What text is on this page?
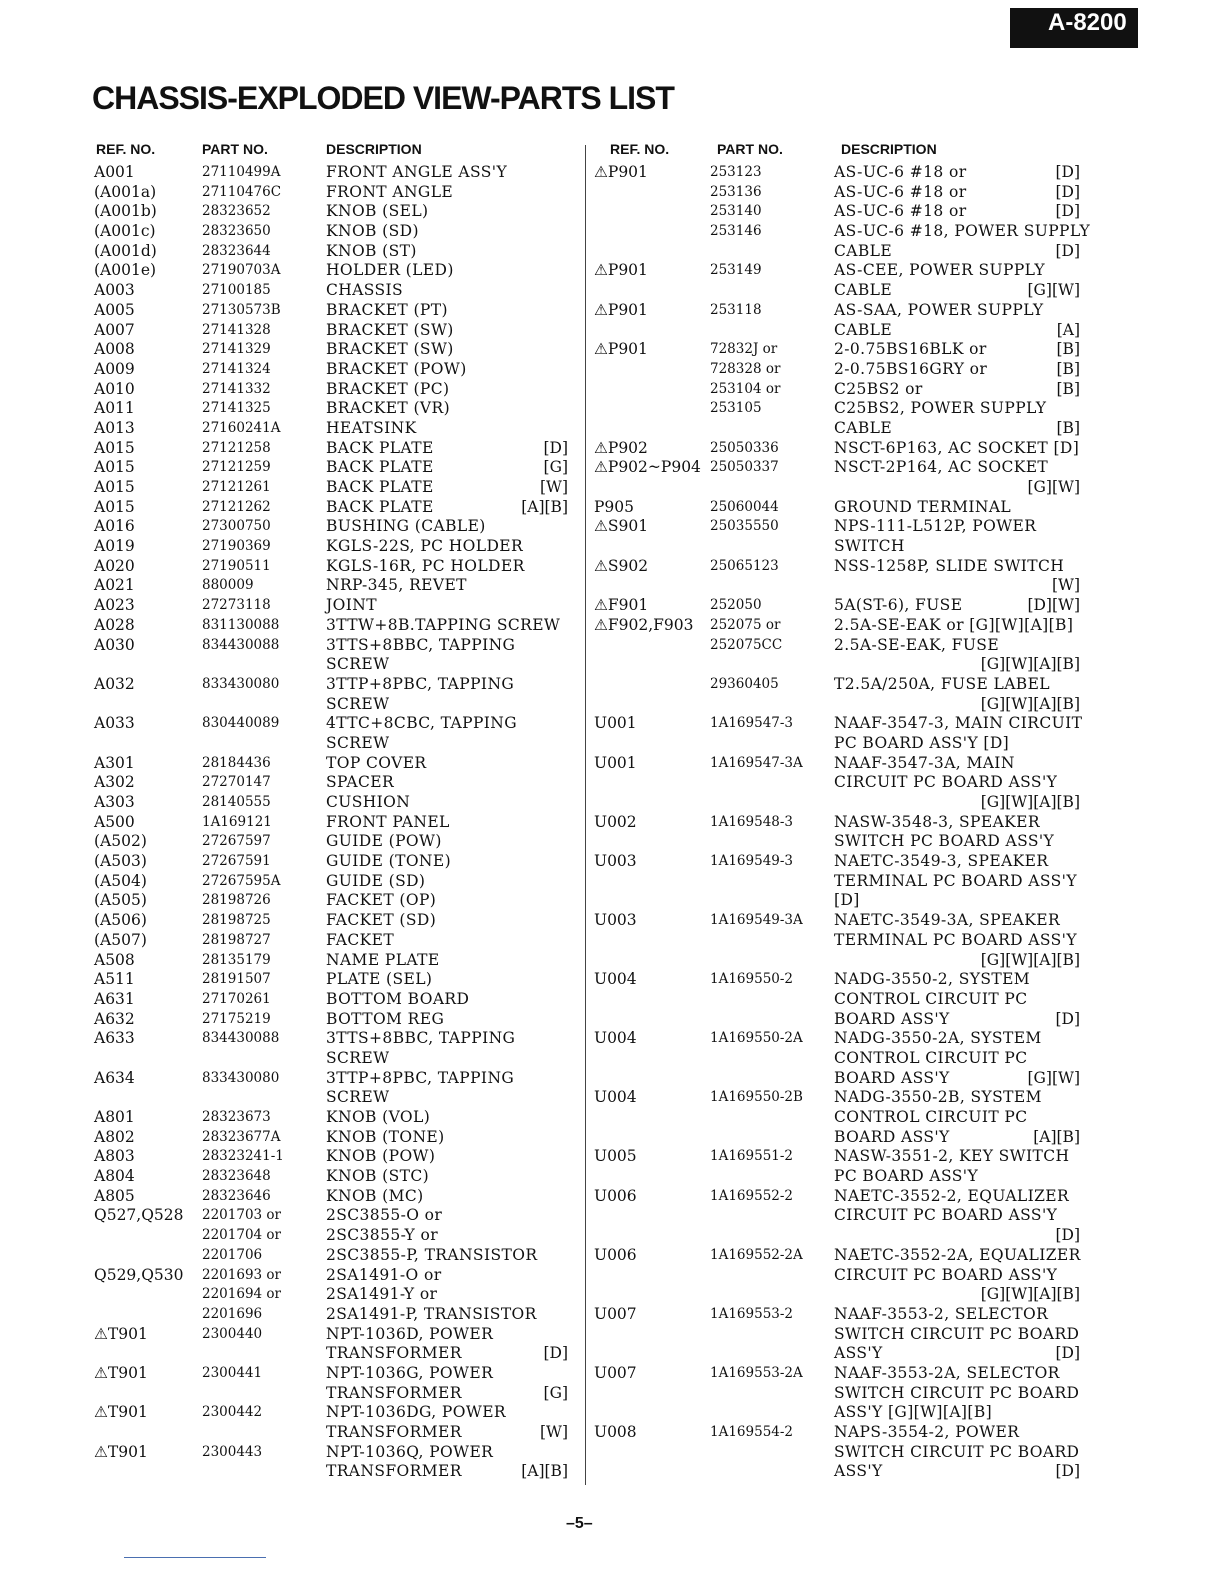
A-8200
CHASSIS-EXPLODED VIEW-PARTS LIST
REF. NO.	PART NO.	DESCRIPTION	REF. NO.	PART NO.	DESCRIPTION
A001	27110499A	FRONT ANGLE ASS'Y
(A001a)	27110476C	FRONT ANGLE
(A001b)	28323652	KNOB (SEL)
(A001c)	28323650	KNOB (SD)
(A001d)	28323644	KNOB (ST)
(A001e)	27190703A	HOLDER (LED)
A003	27100185	CHASSIS
A005	27130573B	BRACKET (PT)
A007	27141328	BRACKET (SW)
A008	27141329	BRACKET (SW)
A009	27141324	BRACKET (POW)
A010	27141332	BRACKET (PC)
A011	27141325	BRACKET (VR)
A013	27160241A	HEATSINK
A015	27121258	BACK PLATE	[D]
A015	27121259	BACK PLATE	[G]
A015	27121261	BACK PLATE	[W]
A015	27121262	BACK PLATE	[A][B]
A016	27300750	BUSHING (CABLE)
A019	27190369	KGLS-22S, PC HOLDER
A020	27190511	KGLS-16R, PC HOLDER
A021	880009	NRP-345, REVET
A023	27273118	JOINT
A028	831130088	3TTW+8B.TAPPING SCREW
A030	834430088	3TTS+8BBC, TAPPING
SCREW
A032	833430080	3TTP+8PBC, TAPPING
SCREW
A033	830440089	4TTC+8CBC, TAPPING
SCREW
A301	28184436	TOP COVER
A302	27270147	SPACER
A303	28140555	CUSHION
A500	1A169121	FRONT PANEL
(A502)	27267597	GUIDE (POW)
(A503)	27267591	GUIDE (TONE)
(A504)	27267595A	GUIDE (SD)
(A505)	28198726	FACKET (OP)
(A506)	28198725	FACKET (SD)
(A507)	28198727	FACKET
A508	28135179	NAME PLATE
A511	28191507	PLATE (SEL)
A631	27170261	BOTTOM BOARD
A632	27175219	BOTTOM REG
A633	834430088	3TTS+8BBC, TAPPING
SCREW
A634	833430080	3TTP+8PBC, TAPPING
SCREW
A801	28323673	KNOB (VOL)
A802	28323677A	KNOB (TONE)
A803	28323241-1	KNOB (POW)
A804	28323648	KNOB (STC)
A805	28323646	KNOB (MC)
Q527,Q528 2201703 or	2SC3855-O or
2201704 or	2SC3855-Y or
2201706	2SC3855-P, TRANSISTOR
Q529,Q530 2201693 or	2SA1491-O or
2201694 or	2SA1491-Y or
2201696	2SA1491-P, TRANSISTOR
⚠T901	2300440	NPT-1036D, POWER
TRANSFORMER	[D]
⚠T901	2300441	NPT-1036G, POWER
TRANSFORMER	[G]
⚠T901	2300442	NPT-1036DG, POWER
TRANSFORMER	[W]
⚠T901	2300443	NPT-1036Q, POWER
TRANSFORMER	[A][B]
⚠P901	253123	AS-UC-6 #18 or	[D]
253136	AS-UC-6 #18 or	[D]
253140	AS-UC-6 #18 or	[D]
253146	AS-UC-6 #18, POWER SUPPLY
CABLE	[D]
⚠P901	253149	AS-CEE, POWER SUPPLY
CABLE	[G][W]
⚠P901	253118	AS-SAA, POWER SUPPLY
CABLE	[A]
⚠P901	72832J or	2-0.75BS16BLK or	[B]
728328 or	2-0.75BS16GRY or	[B]
253104 or	C25BS2 or	[B]
253105	C25BS2, POWER SUPPLY
CABLE	[B]
⚠P902	25050336	NSCT-6P163, AC SOCKET [D]
⚠P902~P904 25050337	NSCT-2P164, AC SOCKET
[G][W]
P905	25060044	GROUND TERMINAL
⚠S901	25035550	NPS-111-L512P, POWER
SWITCH
⚠S902	25065123	NSS-1258P, SLIDE SWITCH
[W]
⚠F901	252050	5A(ST-6), FUSE	[D][W]
⚠F902,F903 252075 or	2.5A-SE-EAK or [G][W][A][B]
252075CC	2.5A-SE-EAK, FUSE
[G][W][A][B]
29360405	T2.5A/250A, FUSE LABEL
[G][W][A][B]
U001	1A169547-3	NAAF-3547-3, MAIN CIRCUIT
PC BOARD ASS'Y [D]
U001	1A169547-3A NAAF-3547-3A, MAIN
CIRCUIT PC BOARD ASS'Y
[G][W][A][B]
U002	1A169548-3	NASW-3548-3, SPEAKER
SWITCH PC BOARD ASS'Y
U003	1A169549-3	NAETC-3549-3, SPEAKER
TERMINAL PC BOARD ASS'Y
[D]
U003	1A169549-3A NAETC-3549-3A, SPEAKER
TERMINAL PC BOARD ASS'Y
[G][W][A][B]
U004	1A169550-2	NADG-3550-2, SYSTEM
CONTROL CIRCUIT PC
BOARD ASS'Y	[D]
U004	1A169550-2A NADG-3550-2A, SYSTEM
CONTROL CIRCUIT PC
BOARD ASS'Y	[G][W]
U004	1A169550-2B NADG-3550-2B, SYSTEM
CONTROL CIRCUIT PC
BOARD ASS'Y	[A][B]
U005	1A169551-2	NASW-3551-2, KEY SWITCH
PC BOARD ASS'Y
U006	1A169552-2	NAETC-3552-2, EQUALIZER
CIRCUIT PC BOARD ASS'Y
[D]
U006	1A169552-2A NAETC-3552-2A, EQUALIZER
CIRCUIT PC BOARD ASS'Y
[G][W][A][B]
U007	1A169553-2	NAAF-3553-2, SELECTOR
SWITCH CIRCUIT PC BOARD
ASS'Y	[D]
U007	1A169553-2A NAAF-3553-2A, SELECTOR
SWITCH CIRCUIT PC BOARD
ASS'Y [G][W][A][B]
U008	1A169554-2	NAPS-3554-2, POWER
SWITCH CIRCUIT PC BOARD
ASS'Y	[D]
–5–
